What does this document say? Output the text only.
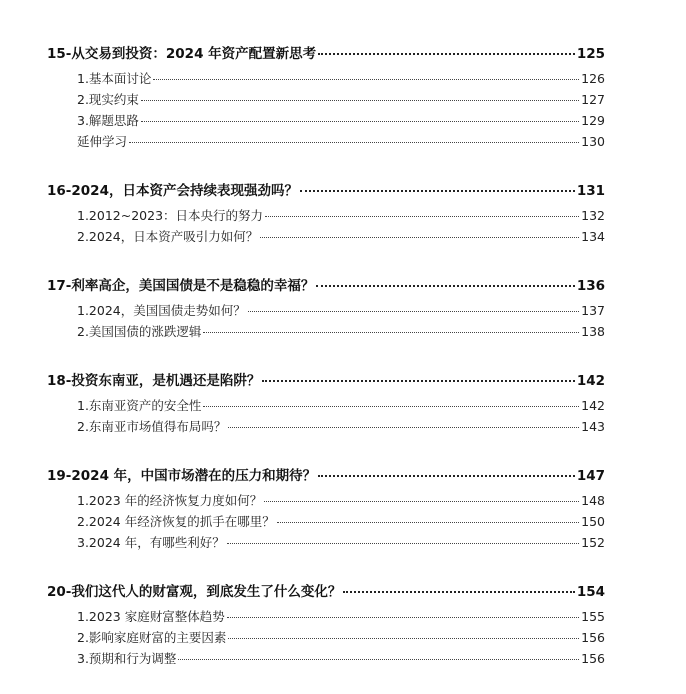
15-从交易到投资：2024 年资产配置新思考	125
1.基本面讨论	126
2.现实约束	127
3.解题思路	129
延伸学习	130
16-2024，日本资产会持续表现强劲吗？	131
1.2012~2023：日本央行的努力	132
2.2024，日本资产吸引力如何？	134
17-利率高企，美国国债是不是稳稳的幸福？	136
1.2024，美国国债走势如何？	137
2.美国国债的涨跌逻辑	138
18-投资东南亚，是机遇还是陷阱？	142
1.东南亚资产的安全性	142
2.东南亚市场值得布局吗？	143
19-2024 年，中国市场潜在的压力和期待？	147
1.2023 年的经济恢复力度如何？	148
2.2024 年经济恢复的抓手在哪里？	150
3.2024 年，有哪些利好？	152
20-我们这代人的财富观，到底发生了什么变化？	154
1.2023 家庭财富整体趋势	155
2.影响家庭财富的主要因素	156
3.预期和行为调整	156
